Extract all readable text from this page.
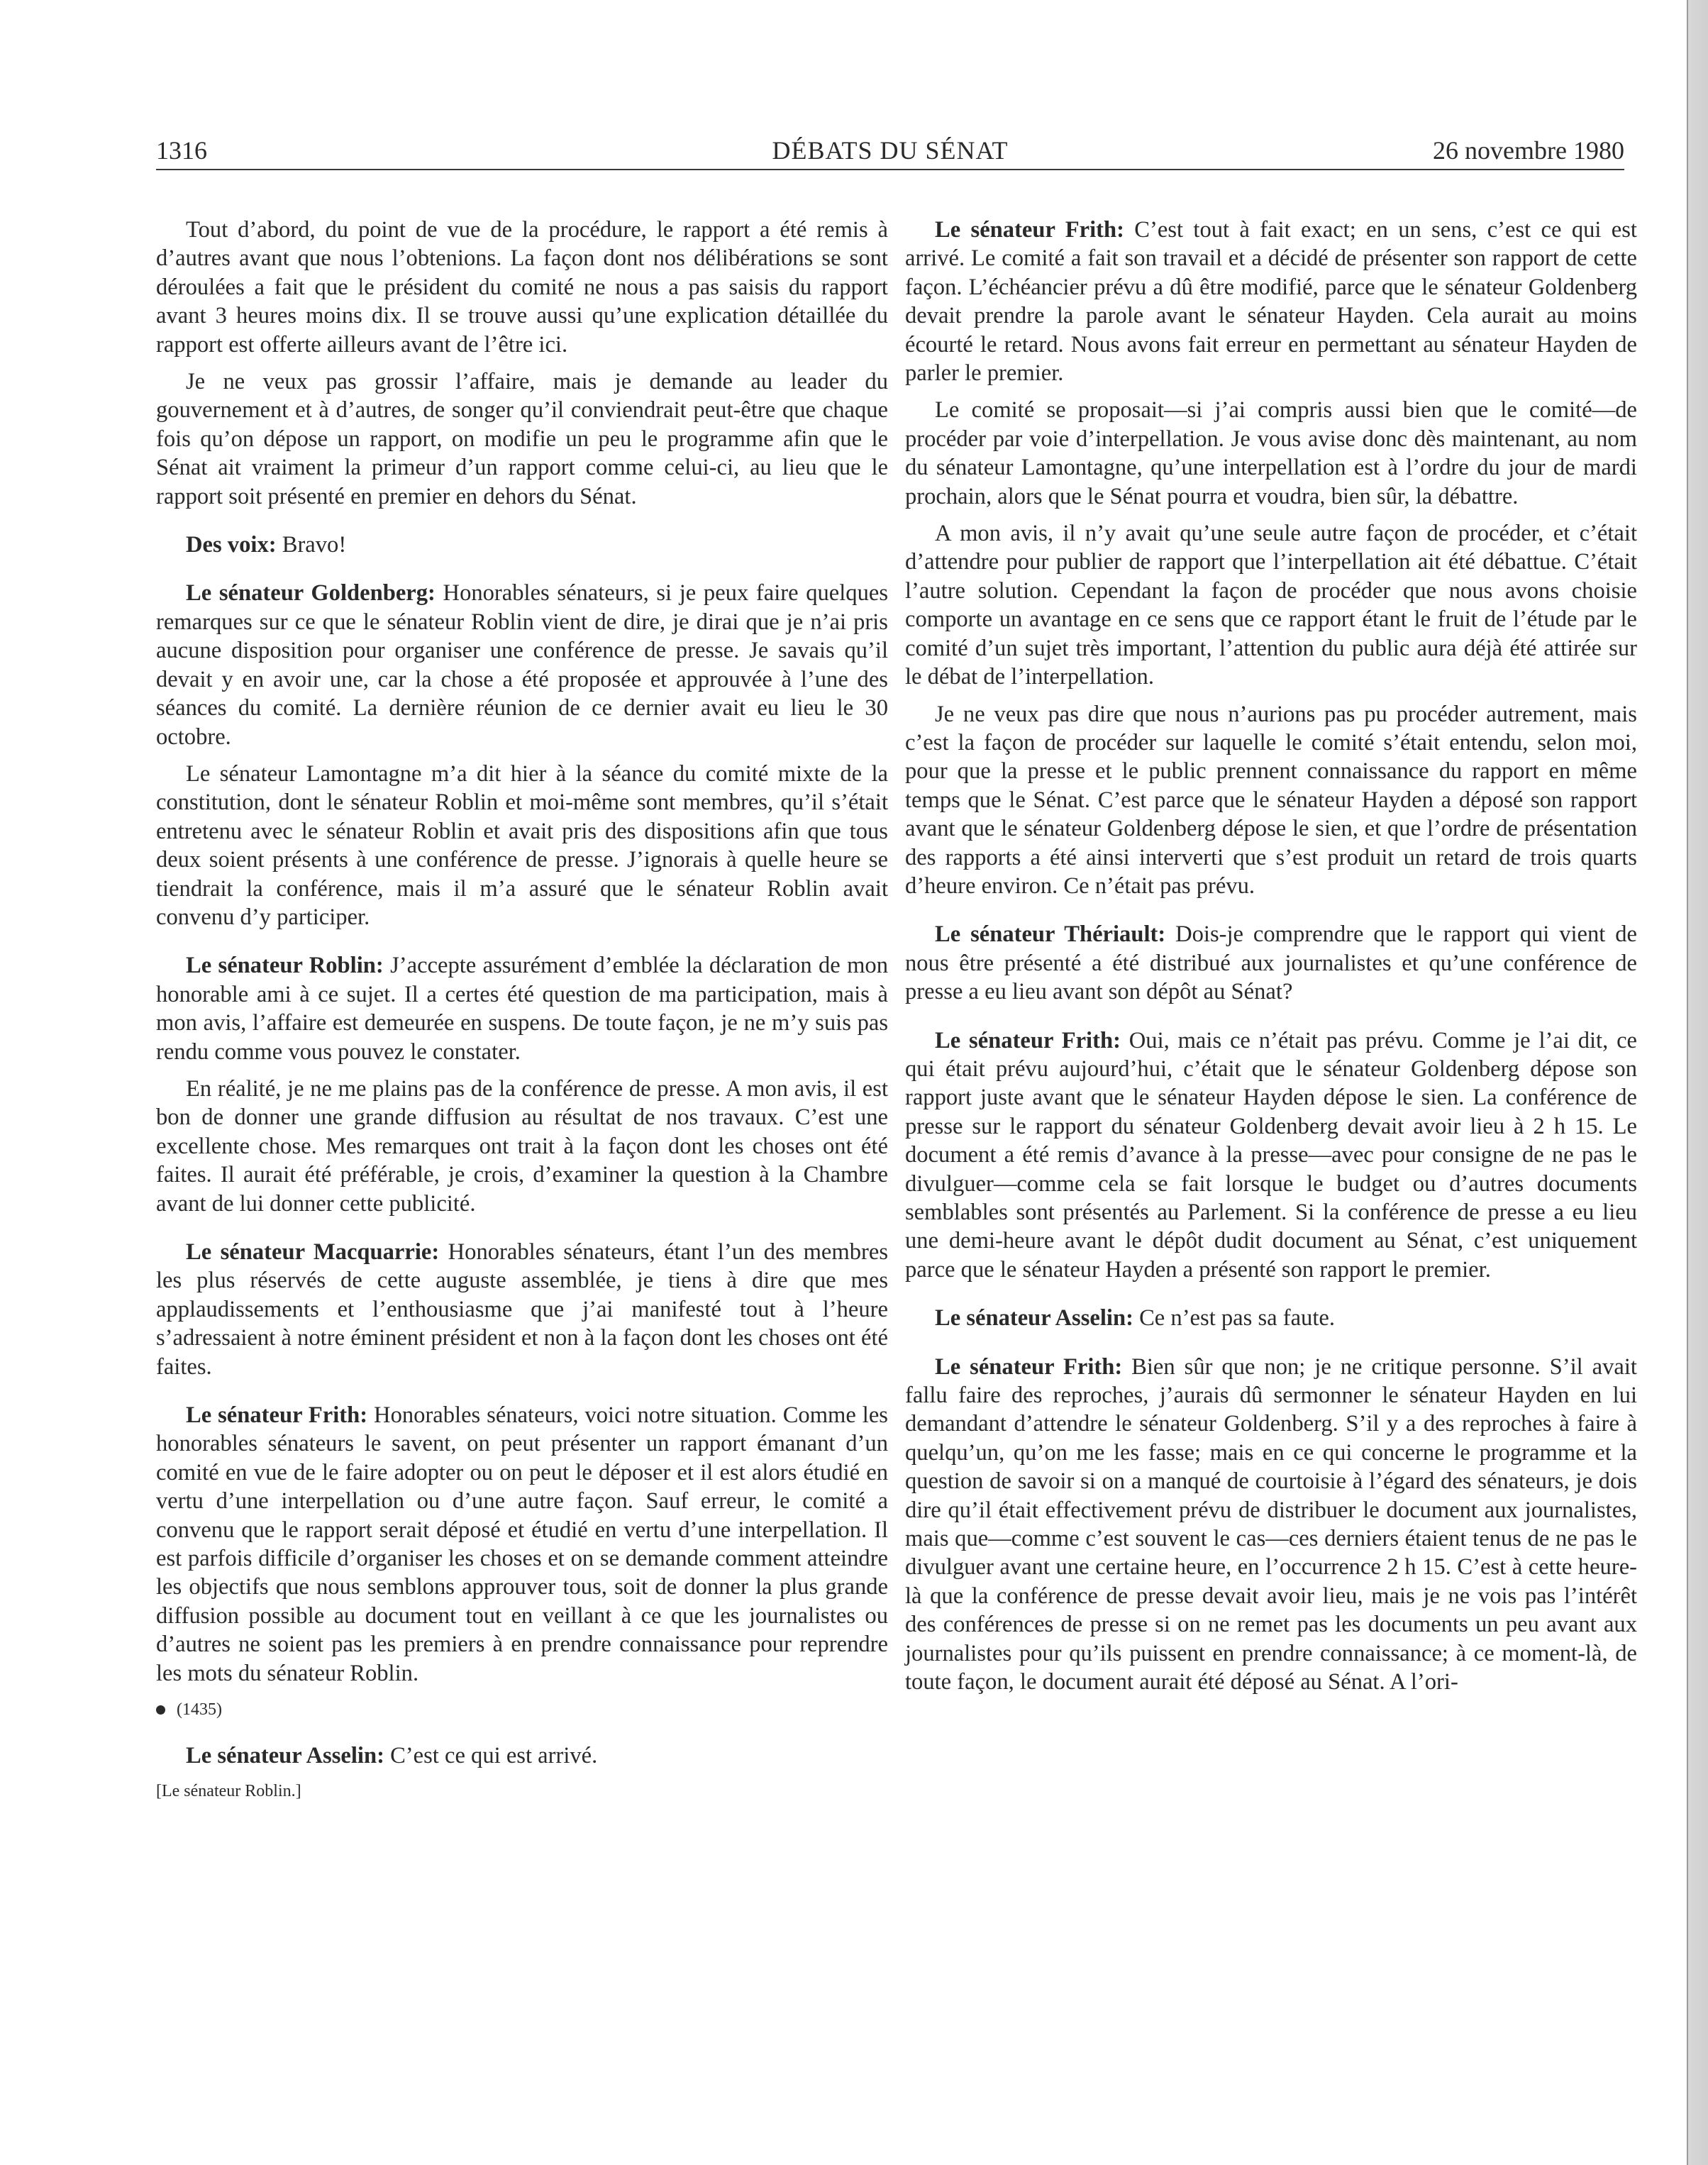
1316	DÉBATS DU SÉNAT	26 novembre 1980

Tout d’abord, du point de vue de la procédure, le rapport a été remis à d’autres avant que nous l’obtenions. La façon dont nos délibérations se sont déroulées a fait que le président du comité ne nous a pas saisis du rapport avant 3 heures moins dix. Il se trouve aussi qu’une explication détaillée du rapport est offerte ailleurs avant de l’être ici.

Je ne veux pas grossir l’affaire, mais je demande au leader du gouvernement et à d’autres, de songer qu’il conviendrait peut-être que chaque fois qu’on dépose un rapport, on modifie un peu le programme afin que le Sénat ait vraiment la primeur d’un rapport comme celui-ci, au lieu que le rapport soit présenté en premier en dehors du Sénat.

Des voix: Bravo!

Le sénateur Goldenberg: Honorables sénateurs, si je peux faire quelques remarques sur ce que le sénateur Roblin vient de dire, je dirai que je n’ai pris aucune disposition pour organiser une conférence de presse. Je savais qu’il devait y en avoir une, car la chose a été proposée et approuvée à l’une des séances du comité. La dernière réunion de ce dernier avait eu lieu le 30 octobre.

Le sénateur Lamontagne m’a dit hier à la séance du comité mixte de la constitution, dont le sénateur Roblin et moi-même sont membres, qu’il s’était entretenu avec le sénateur Roblin et avait pris des dispositions afin que tous deux soient présents à une conférence de presse. J’ignorais à quelle heure se tiendrait la conférence, mais il m’a assuré que le sénateur Roblin avait convenu d’y participer.

Le sénateur Roblin: J’accepte assurément d’emblée la déclaration de mon honorable ami à ce sujet. Il a certes été question de ma participation, mais à mon avis, l’affaire est demeurée en suspens. De toute façon, je ne m’y suis pas rendu comme vous pouvez le constater.

En réalité, je ne me plains pas de la conférence de presse. A mon avis, il est bon de donner une grande diffusion au résultat de nos travaux. C’est une excellente chose. Mes remarques ont trait à la façon dont les choses ont été faites. Il aurait été préférable, je crois, d’examiner la question à la Chambre avant de lui donner cette publicité.

Le sénateur Macquarrie: Honorables sénateurs, étant l’un des membres les plus réservés de cette auguste assemblée, je tiens à dire que mes applaudissements et l’enthousiasme que j’ai manifesté tout à l’heure s’adressaient à notre éminent président et non à la façon dont les choses ont été faites.

Le sénateur Frith: Honorables sénateurs, voici notre situation. Comme les honorables sénateurs le savent, on peut présenter un rapport émanant d’un comité en vue de le faire adopter ou on peut le déposer et il est alors étudié en vertu d’une interpellation ou d’une autre façon. Sauf erreur, le comité a convenu que le rapport serait déposé et étudié en vertu d’une interpellation. Il est parfois difficile d’organiser les choses et on se demande comment atteindre les objectifs que nous semblons approuver tous, soit de donner la plus grande diffusion possible au document tout en veillant à ce que les journalistes ou d’autres ne soient pas les premiers à en prendre connaissance pour reprendre les mots du sénateur Roblin.

(1435)

Le sénateur Asselin: C’est ce qui est arrivé.

[Le sénateur Roblin.]

Le sénateur Frith: C’est tout à fait exact; en un sens, c’est ce qui est arrivé. Le comité a fait son travail et a décidé de présenter son rapport de cette façon. L’échéancier prévu a dû être modifié, parce que le sénateur Goldenberg devait prendre la parole avant le sénateur Hayden. Cela aurait au moins écourté le retard. Nous avons fait erreur en permettant au sénateur Hayden de parler le premier.

Le comité se proposait—si j’ai compris aussi bien que le comité—de procéder par voie d’interpellation. Je vous avise donc dès maintenant, au nom du sénateur Lamontagne, qu’une interpellation est à l’ordre du jour de mardi prochain, alors que le Sénat pourra et voudra, bien sûr, la débattre.

A mon avis, il n’y avait qu’une seule autre façon de procéder, et c’était d’attendre pour publier de rapport que l’interpellation ait été débattue. C’était l’autre solution. Cependant la façon de procéder que nous avons choisie comporte un avantage en ce sens que ce rapport étant le fruit de l’étude par le comité d’un sujet très important, l’attention du public aura déjà été attirée sur le débat de l’interpellation.

Je ne veux pas dire que nous n’aurions pas pu procéder autrement, mais c’est la façon de procéder sur laquelle le comité s’était entendu, selon moi, pour que la presse et le public prennent connaissance du rapport en même temps que le Sénat. C’est parce que le sénateur Hayden a déposé son rapport avant que le sénateur Goldenberg dépose le sien, et que l’ordre de présentation des rapports a été ainsi interverti que s’est produit un retard de trois quarts d’heure environ. Ce n’était pas prévu.

Le sénateur Thériault: Dois-je comprendre que le rapport qui vient de nous être présenté a été distribué aux journalistes et qu’une conférence de presse a eu lieu avant son dépôt au Sénat?

Le sénateur Frith: Oui, mais ce n’était pas prévu. Comme je l’ai dit, ce qui était prévu aujourd’hui, c’était que le sénateur Goldenberg dépose son rapport juste avant que le sénateur Hayden dépose le sien. La conférence de presse sur le rapport du sénateur Goldenberg devait avoir lieu à 2 h 15. Le document a été remis d’avance à la presse—avec pour consigne de ne pas le divulguer—comme cela se fait lorsque le budget ou d’autres documents semblables sont présentés au Parlement. Si la conférence de presse a eu lieu une demi-heure avant le dépôt dudit document au Sénat, c’est uniquement parce que le sénateur Hayden a présenté son rapport le premier.

Le sénateur Asselin: Ce n’est pas sa faute.

Le sénateur Frith: Bien sûr que non; je ne critique personne. S’il avait fallu faire des reproches, j’aurais dû sermonner le sénateur Hayden en lui demandant d’attendre le sénateur Goldenberg. S’il y a des reproches à faire à quelqu’un, qu’on me les fasse; mais en ce qui concerne le programme et la question de savoir si on a manqué de courtoisie à l’égard des sénateurs, je dois dire qu’il était effectivement prévu de distribuer le document aux journalistes, mais que—comme c’est souvent le cas—ces derniers étaient tenus de ne pas le divulguer avant une certaine heure, en l’occurrence 2 h 15. C’est à cette heure-là que la conférence de presse devait avoir lieu, mais je ne vois pas l’intérêt des conférences de presse si on ne remet pas les documents un peu avant aux journalistes pour qu’ils puissent en prendre connaissance; à ce moment-là, de toute façon, le document aurait été déposé au Sénat. A l’ori-
